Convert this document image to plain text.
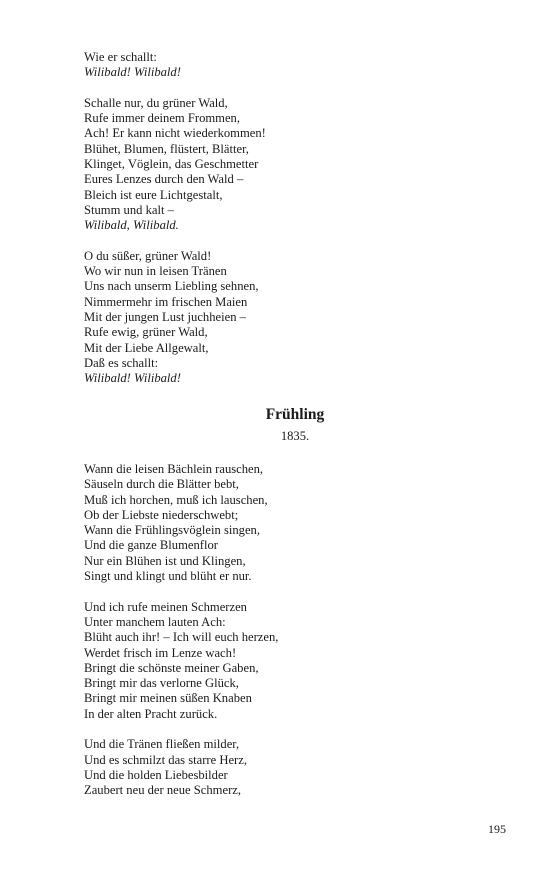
Wie er schallt:
Wilibald! Wilibald!
Schalle nur, du grüner Wald,
Rufe immer deinem Frommen,
Ach! Er kann nicht wiederkommen!
Blühet, Blumen, flüstert, Blätter,
Klinget, Vöglein, das Geschmetter
Eures Lenzes durch den Wald –
Bleich ist eure Lichtgestalt,
Stumm und kalt –
Wilibald, Wilibald.
O du süßer, grüner Wald!
Wo wir nun in leisen Tränen
Uns nach unserm Liebling sehnen,
Nimmermehr im frischen Maien
Mit der jungen Lust juchheien –
Rufe ewig, grüner Wald,
Mit der Liebe Allgewalt,
Daß es schallt:
Wilibald! Wilibald!
Frühling
1835.
Wann die leisen Bächlein rauschen,
Säuseln durch die Blätter bebt,
Muß ich horchen, muß ich lauschen,
Ob der Liebste niederschwebt;
Wann die Frühlingsvöglein singen,
Und die ganze Blumenflor
Nur ein Blühen ist und Klingen,
Singt und klingt und blüht er nur.
Und ich rufe meinen Schmerzen
Unter manchem lauten Ach:
Blüht auch ihr! – Ich will euch herzen,
Werdet frisch im Lenze wach!
Bringt die schönste meiner Gaben,
Bringt mir das verlorne Glück,
Bringt mir meinen süßen Knaben
In der alten Pracht zurück.
Und die Tränen fließen milder,
Und es schmilzt das starre Herz,
Und die holden Liebesbilder
Zaubert neu der neue Schmerz,
195
